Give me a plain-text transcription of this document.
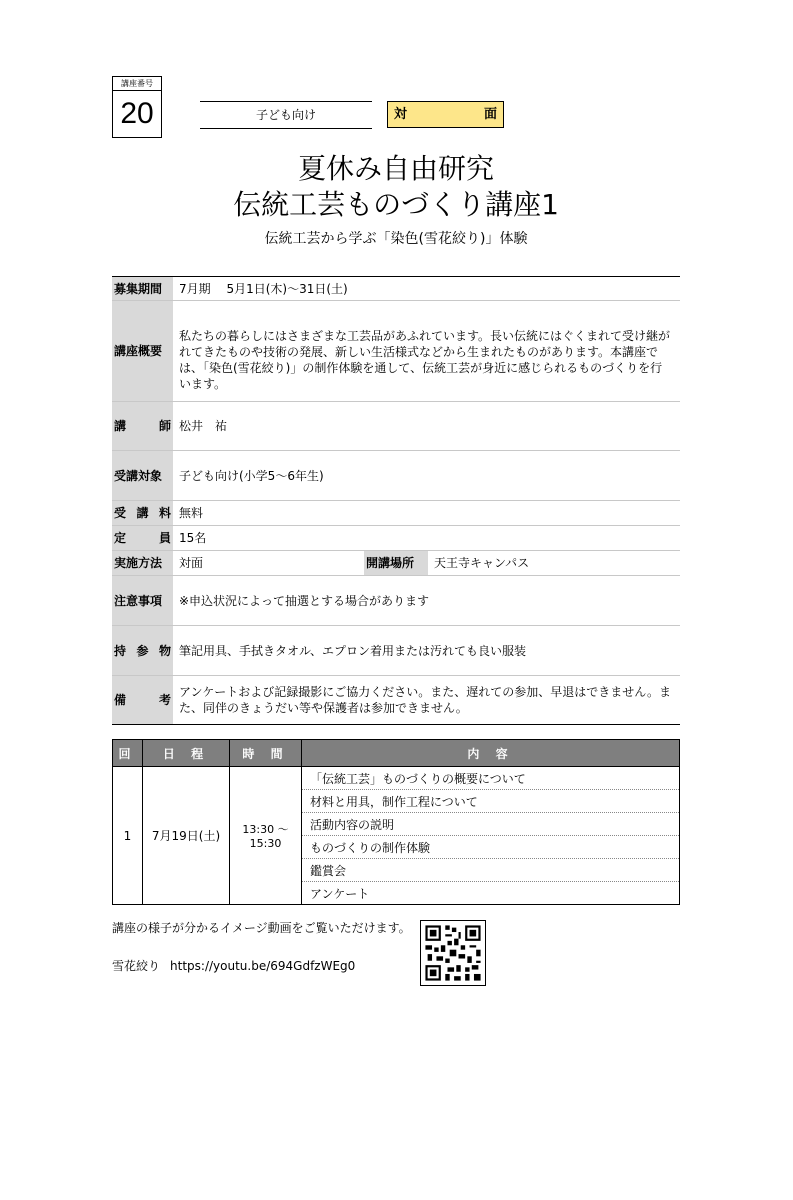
講座番号
20	子ども向け	対	面
夏休み自由研究
伝統工芸ものづくり講座1
伝統工芸から学ぶ「染色(雪花絞り)」体験
募集期間	7月期　 5月1日(木)～31日(土)		
講座概要	私たちの暮らしにはさまざまな工芸品があふれています。長い伝統にはぐくまれて受け継がれてきたものや技術の発展、新しい生活様式などから生まれたものがあります。本講座では、「染色(雪花絞り)」の制作体験を通して、伝統工芸が身近に感じられるものづくりを行います。		

講 師	松井　祐		
受講対象	子ども向け(小学5～6年生)		

受 講 料	無料		

定 員	15名		
実施方法	対面	開講場所	天王寺キャンパス
注意事項	※申込状況によって抽選とする場合があります		

持 参 物	筆記用具、手拭きタオル、エプロン着用または汚れても良い服装		

備 考	アンケートおよび記録撮影にご協力ください。また、遅れての参加、早退はできません。また、同伴のきょうだい等や保護者は参加できません。		
回	日 程	時 間	内 容
1	7月19日(土)	13:30 ～ 15:30	「伝統工芸」ものづくりの概要について
			材料と用具，制作工程について
			活動内容の説明
			ものづくりの制作体験
			鑑賞会
			アンケート
講座の様子が分かるイメージ動画をご覧いただけます。
雪花絞り https://youtu.be/694GdfzWEg0
